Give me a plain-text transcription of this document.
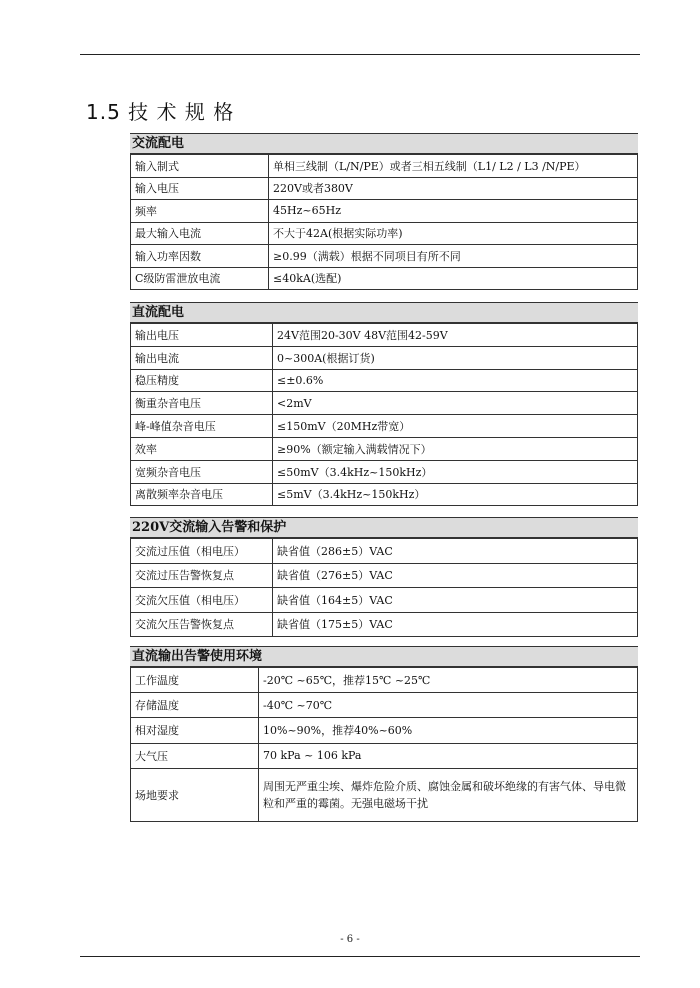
1.5 技 术 规 格
交流配电
输入制式	单相三线制（L/N/PE）或者三相五线制（L1/ L2 / L3 /N/PE）
输入电压	220V或者380V
频率	45Hz~65Hz
最大输入电流	不大于42A(根据实际功率)
输入功率因数	≥0.99（满载）根据不同项目有所不同
C级防雷泄放电流	≤40kA(选配)
直流配电
输出电压	24V范围20-30V 48V范围42-59V
输出电流	0~300A(根据订货)
稳压精度	≤±0.6%
衡重杂音电压	<2mV
峰-峰值杂音电压	≤150mV（20MHz带宽）
效率	≥90%（额定输入满载情况下）
宽频杂音电压	≤50mV（3.4kHz~150kHz）
离散频率杂音电压	≤5mV（3.4kHz~150kHz）
220V交流输入告警和保护
交流过压值（相电压）	缺省值（286±5）VAC
交流过压告警恢复点	缺省值（276±5）VAC
交流欠压值（相电压）	缺省值（164±5）VAC
交流欠压告警恢复点	缺省值（175±5）VAC
直流输出告警使用环境
工作温度	-20℃ ~65℃，推荐15℃ ~25℃
存储温度	-40℃ ~70℃
相对湿度	10%~90%，推荐40%~60%
大气压	70 kPa ~ 106 kPa
场地要求	周围无严重尘埃、爆炸危险介质、腐蚀金属和破坏绝缘的有害气体、导电微粒和严重的霉菌。无强电磁场干扰
- 6 -
